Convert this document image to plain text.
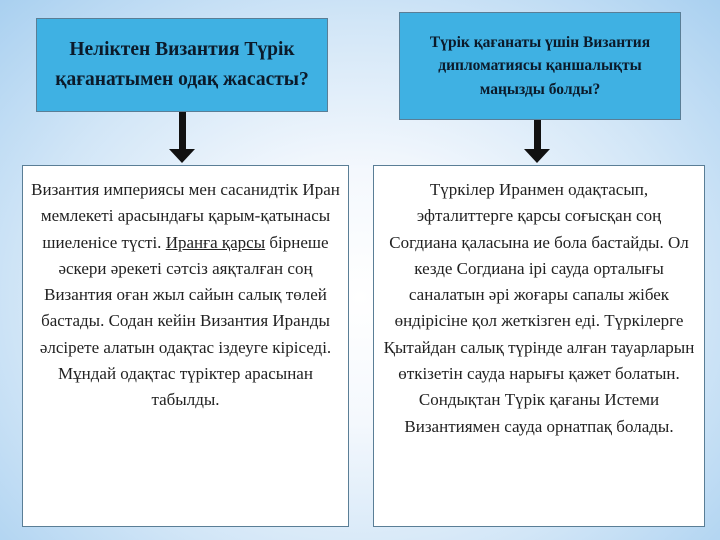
Неліктен Византия Түрік қағанатымен одақ жасасты?
Түрік қағанаты үшін Византия дипломатиясы қаншалықты маңызды болды?
Византия империясы мен сасанидтік Иран мемлекеті арасындағы қарым-қатынасы шиеленісе түсті. Иранға қарсы бірнеше әскери әрекеті сәтсіз аяқталған соң Византия оған жыл сайын салық төлей бастады. Содан кейін Византия Иранды әлсірете алатын одақтас іздеуге кіріседі. Мұндай одақтас түріктер арасынан табылды.
Түркілер Иранмен одақтасып, эфталиттерге қарсы соғысқан соң Согдиана қаласына ие бола бастайды. Ол кезде Согдиана ірі сауда орталығы саналатын әрі жоғары сапалы жібек өндірісіне қол жеткізген еді. Түркілерге Қытайдан салық түрінде алған тауарларын өткізетін сауда нарығы қажет болатын. Сондықтан Түрік қағаны Истеми Византиямен сауда орнатпақ болады.
